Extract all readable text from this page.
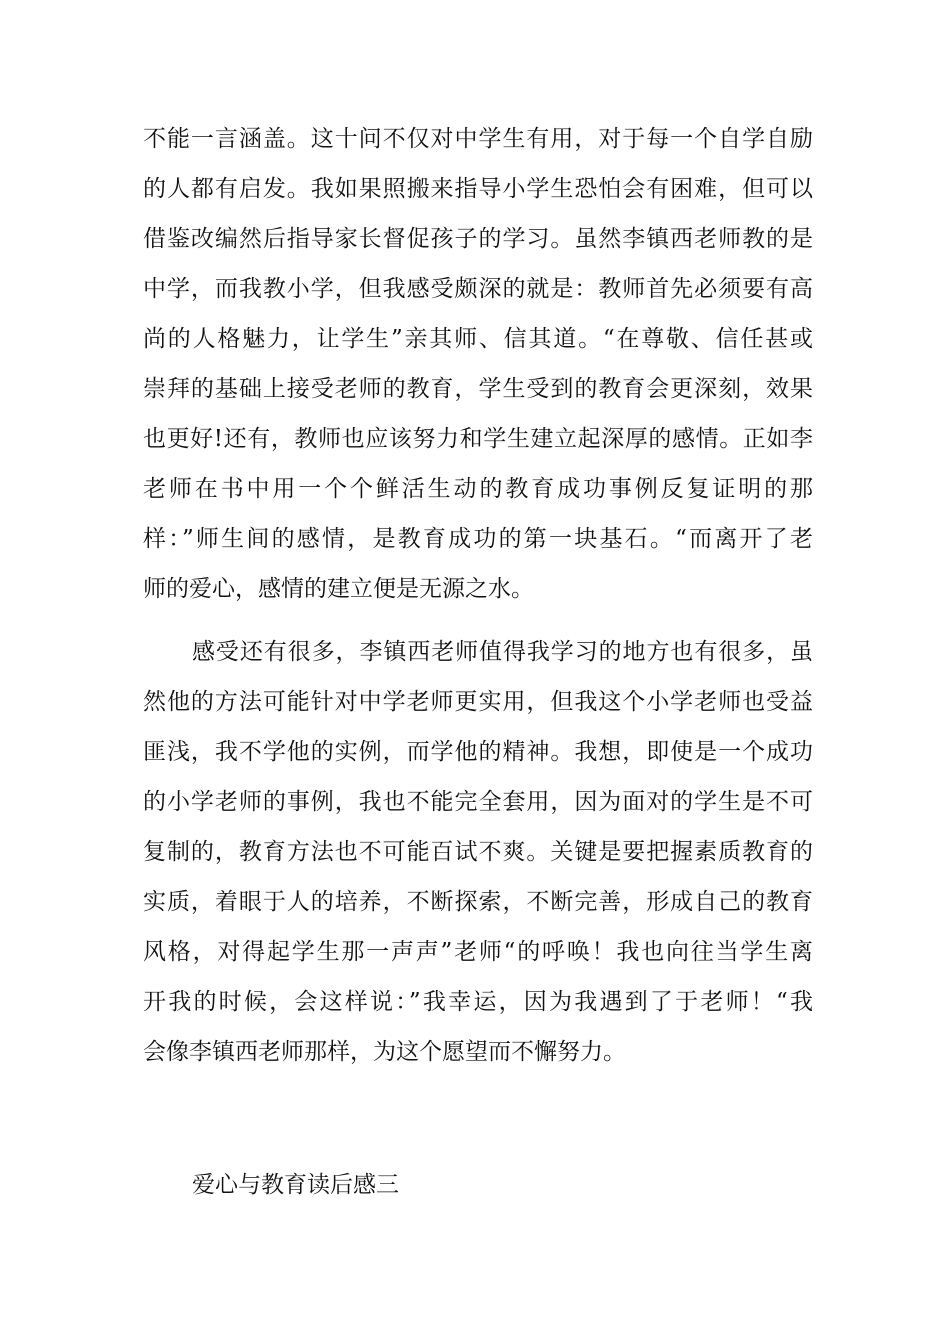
不能一言涵盖。这十问不仅对中学生有用，对于每一个自学自励
的人都有启发。我如果照搬来指导小学生恐怕会有困难，但可以
借鉴改编然后指导家长督促孩子的学习。虽然李镇西老师教的是
中学，而我教小学，但我感受颇深的就是：教师首先必须要有高
尚的人格魅力，让学生”亲其师、信其道。“在尊敬、信任甚或
崇拜的基础上接受老师的教育，学生受到的教育会更深刻，效果
也更好!还有，教师也应该努力和学生建立起深厚的感情。正如李
老师在书中用一个个鲜活生动的教育成功事例反复证明的那
样：”师生间的感情，是教育成功的第一块基石。“而离开了老
师的爱心，感情的建立便是无源之水。
感受还有很多，李镇西老师值得我学习的地方也有很多，虽
然他的方法可能针对中学老师更实用，但我这个小学老师也受益
匪浅，我不学他的实例，而学他的精神。我想，即使是一个成功
的小学老师的事例，我也不能完全套用，因为面对的学生是不可
复制的，教育方法也不可能百试不爽。关键是要把握素质教育的
实质，着眼于人的培养，不断探索，不断完善，形成自己的教育
风格，对得起学生那一声声”老师“的呼唤！我也向往当学生离
开我的时候，会这样说：”我幸运，因为我遇到了于老师！“我
会像李镇西老师那样，为这个愿望而不懈努力。
爱心与教育读后感三
